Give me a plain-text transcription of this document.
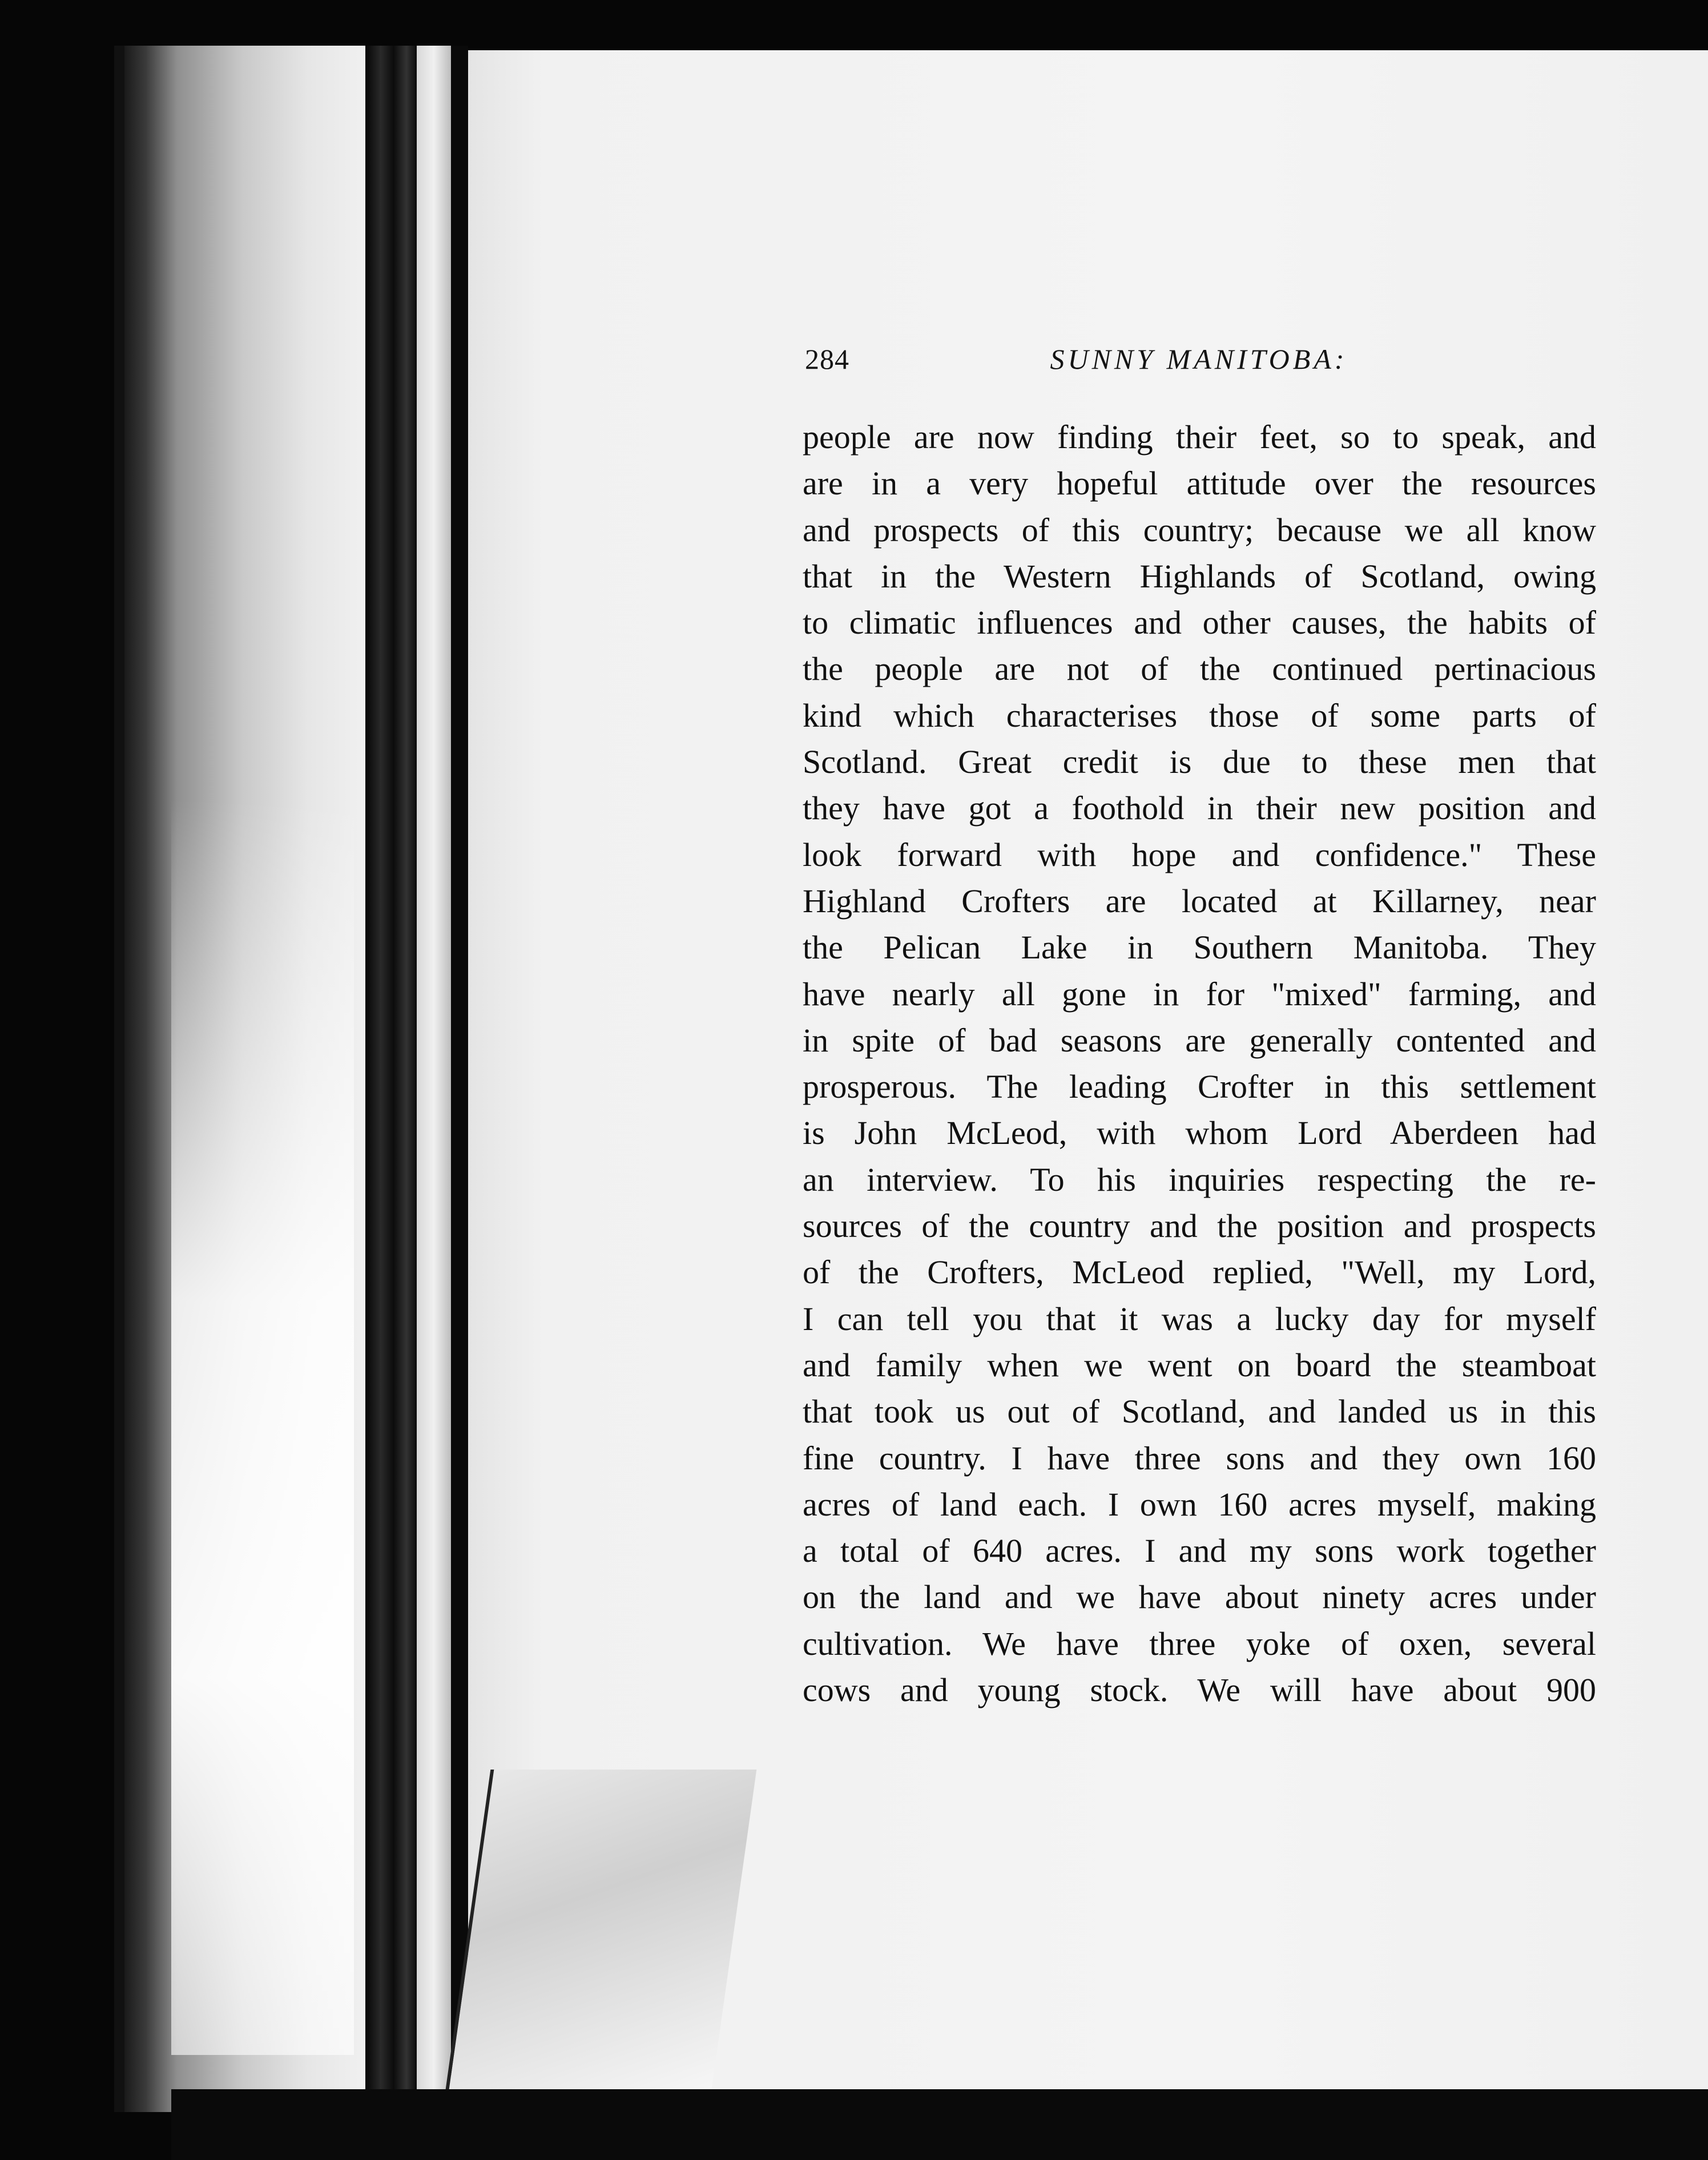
284	SUNNY MANITOBA:
people are now finding their feet, so to speak, and
are in a very hopeful attitude over the resources
and prospects of this country; because we all know
that in the Western Highlands of Scotland, owing
to climatic influences and other causes, the habits of
the people are not of the continued pertinacious
kind which characterises those of some parts of
Scotland. Great credit is due to these men that
they have got a foothold in their new position and
look forward with hope and confidence." These
Highland Crofters are located at Killarney, near
the Pelican Lake in Southern Manitoba. They
have nearly all gone in for "mixed" farming, and
in spite of bad seasons are generally contented and
prosperous. The leading Crofter in this settlement
is John McLeod, with whom Lord Aberdeen had
an interview. To his inquiries respecting the re-
sources of the country and the position and prospects
of the Crofters, McLeod replied, "Well, my Lord,
I can tell you that it was a lucky day for myself
and family when we went on board the steamboat
that took us out of Scotland, and landed us in this
fine country. I have three sons and they own 160
acres of land each. I own 160 acres myself, making
a total of 640 acres. I and my sons work together
on the land and we have about ninety acres under
cultivation. We have three yoke of oxen, several
cows and young stock. We will have about 900
